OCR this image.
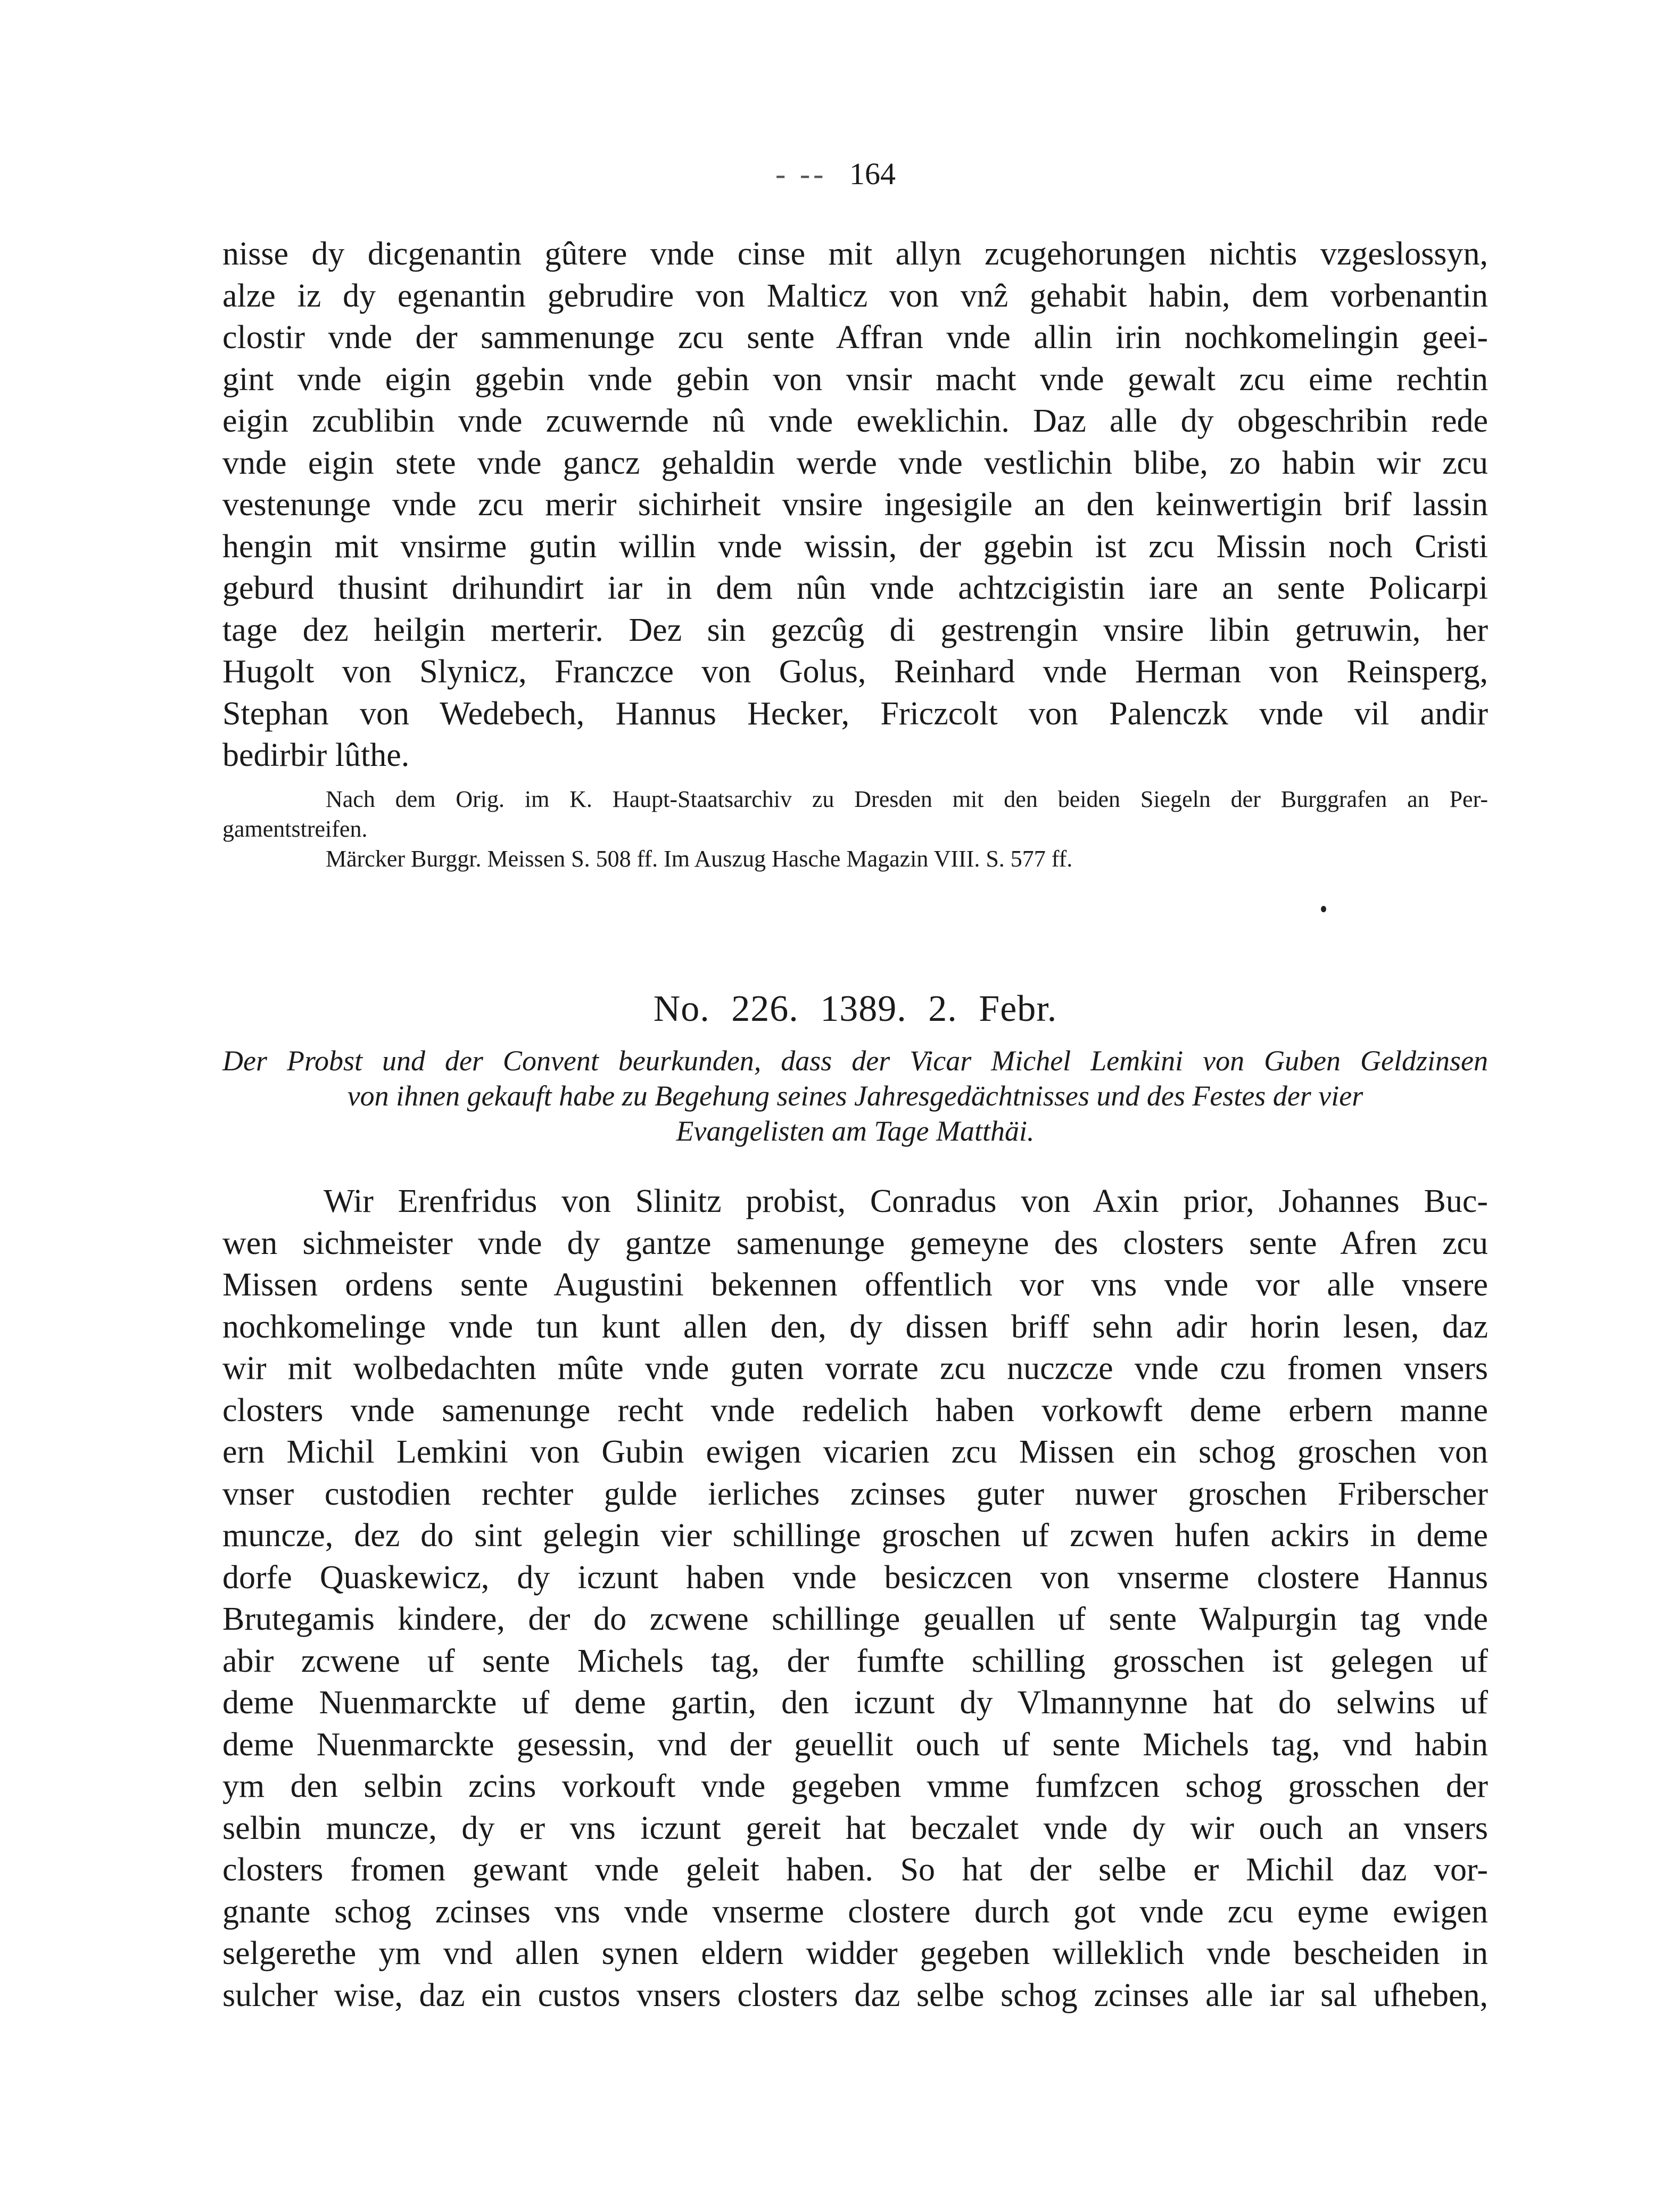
- -- 164
nisse dy dicgenantin gûtere vnde cinse mit allyn zcugehorungen nichtis vzgeslossyn,
alze iz dy egenantin gebrudire von Malticz von vnẑ gehabit habin, dem vorbenantin
clostir vnde der sammenunge zcu sente Affran vnde allin irin nochkomelingin geei-
gint vnde eigin ggebin vnde gebin von vnsir macht vnde gewalt zcu eime rechtin
eigin zcublibin vnde zcuwernde nû vnde eweklichin. Daz alle dy obgeschribin rede
vnde eigin stete vnde gancz gehaldin werde vnde vestlichin blibe, zo habin wir zcu
vestenunge vnde zcu merir sichirheit vnsire ingesigile an den keinwertigin brif lassin
hengin mit vnsirme gutin willin vnde wissin, der ggebin ist zcu Missin noch Cristi
geburd thusint drihundirt iar in dem nûn vnde achtzcigistin iare an sente Policarpi
tage dez heilgin merterir. Dez sin gezcûg di gestrengin vnsire libin getruwin, her
Hugolt von Slynicz, Franczce von Golus, Reinhard vnde Herman von Reinsperg,
Stephan von Wedebech, Hannus Hecker, Friczcolt von Palenczk vnde vil andir
bedirbir lûthe.
Nach dem Orig. im K. Haupt-Staatsarchiv zu Dresden mit den beiden Siegeln der Burggrafen an Per-
gamentstreifen.
Märcker Burggr. Meissen S. 508 ff. Im Auszug Hasche Magazin VIII. S. 577 ff.
No. 226. 1389. 2. Febr.
Der Probst und der Convent beurkunden, dass der Vicar Michel Lemkini von Guben Geldzinsen
von ihnen gekauft habe zu Begehung seines Jahresgedächtnisses und des Festes der vier
Evangelisten am Tage Matthäi.
Wir Erenfridus von Slinitz probist, Conradus von Axin prior, Johannes Buc-
wen sichmeister vnde dy gantze samenunge gemeyne des closters sente Afren zcu
Missen ordens sente Augustini bekennen offentlich vor vns vnde vor alle vnsere
nochkomelinge vnde tun kunt allen den, dy dissen briff sehn adir horin lesen, daz
wir mit wolbedachten mûte vnde guten vorrate zcu nuczcze vnde czu fromen vnsers
closters vnde samenunge recht vnde redelich haben vorkowft deme erbern manne
ern Michil Lemkini von Gubin ewigen vicarien zcu Missen ein schog groschen von
vnser custodien rechter gulde ierliches zcinses guter nuwer groschen Friberscher
muncze, dez do sint gelegin vier schillinge groschen uf zcwen hufen ackirs in deme
dorfe Quaskewicz, dy iczunt haben vnde besiczcen von vnserme clostere Hannus
Brutegamis kindere, der do zcwene schillinge geuallen uf sente Walpurgin tag vnde
abir zcwene uf sente Michels tag, der fumfte schilling grosschen ist gelegen uf
deme Nuenmarckte uf deme gartin, den iczunt dy Vlmannynne hat do selwins uf
deme Nuenmarckte gesessin, vnd der geuellit ouch uf sente Michels tag, vnd habin
ym den selbin zcins vorkouft vnde gegeben vmme fumfzcen schog grosschen der
selbin muncze, dy er vns iczunt gereit hat beczalet vnde dy wir ouch an vnsers
closters fromen gewant vnde geleit haben. So hat der selbe er Michil daz vor-
gnante schog zcinses vns vnde vnserme clostere durch got vnde zcu eyme ewigen
selgerethe ym vnd allen synen eldern widder gegeben willeklich vnde bescheiden in
sulcher wise, daz ein custos vnsers closters daz selbe schog zcinses alle iar sal ufheben,
